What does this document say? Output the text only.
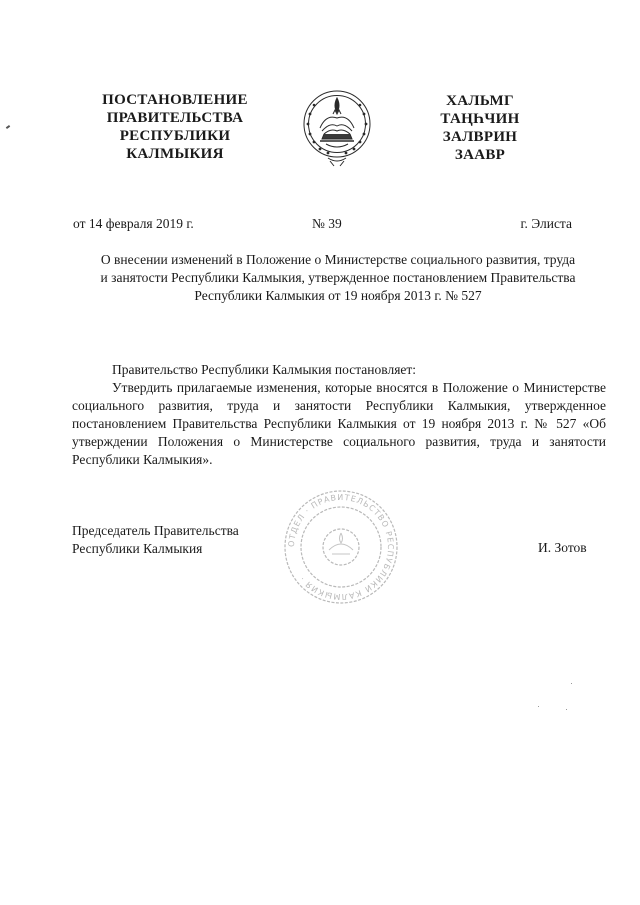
ПОСТАНОВЛЕНИЕ
ПРАВИТЕЛЬСТВА
РЕСПУБЛИКИ
КАЛМЫКИЯ
ХАЛЬМГ
ТАҢҺЧИН
ЗАЛВРИН
ЗААВР
от 14 февраля 2019 г.	№ 39	г. Элиста
О внесении изменений в Положение о Министерстве социального развития, труда
и занятости Республики Калмыкия, утвержденное постановлением Правительства
Республики Калмыкия от 19 ноября 2013 г. № 527

Правительство Республики Калмыкия постановляет:

Утвердить прилагаемые изменения, которые вносятся в Положение о Министерстве социального развития, труда и занятости Республики Калмыкия, утвержденное постановлением Правительства Республики Калмыкия от 19 ноября 2013 г. № 527 «Об утверждении Положения о Министерстве социального развития, труда и занятости Республики Калмыкия».

ОТДЕЛ · ПРАВИТЕЛЬСТВО РЕСПУБЛИКИ КАЛМЫКИЯ ·
Председатель Правительства
Республики Калмыкия	И. Зотов
